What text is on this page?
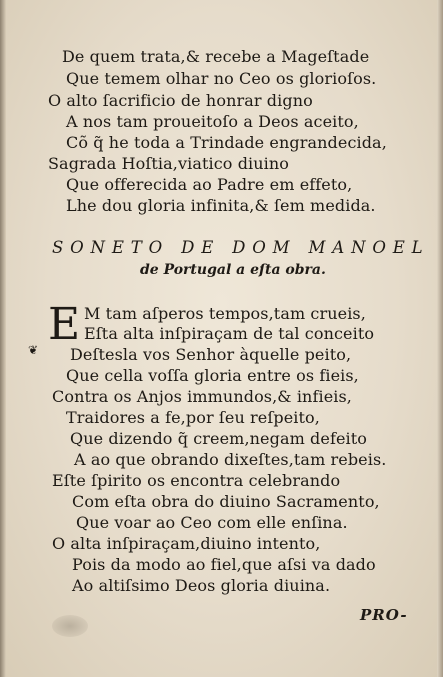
De quem trata,& recebe a Mageſtade
Que temem olhar no Ceo os glorioſos.
O alto ſacrificio de honrar digno
A nos tam proueitoſo a Deos aceito,
Cõ q̃ he toda a Trindade engrandecida,
Sagrada Hoſtia,viatico diuino
Que offerecida ao Padre em effeto,
Lhe dou gloria infinita,& ſem medida.
SONETO DE DOM MANOEL
de Portugal a eſta obra.
❦ E M tam aſperos tempos,tam crueis,
Eſta alta inſpiraçam de tal conceito
Deſtesla vos Senhor àquelle peito,
Que cella voſſa gloria entre os fieis,
Contra os Anjos immundos,& infieis,
Traidores a fe,por ſeu reſpeito,
Que dizendo q̃ creem,negam defeito
A ao que obrando dixeſtes,tam rebeis.
Eſte ſpirito os encontra celebrando
Com eſta obra do diuino Sacramento,
Que voar ao Ceo com elle enſina.
O alta inſpiraçam,diuino intento,
Pois da modo ao fiel,que aſsi va dado
Ao altiſsimo Deos gloria diuina.
PRO-
